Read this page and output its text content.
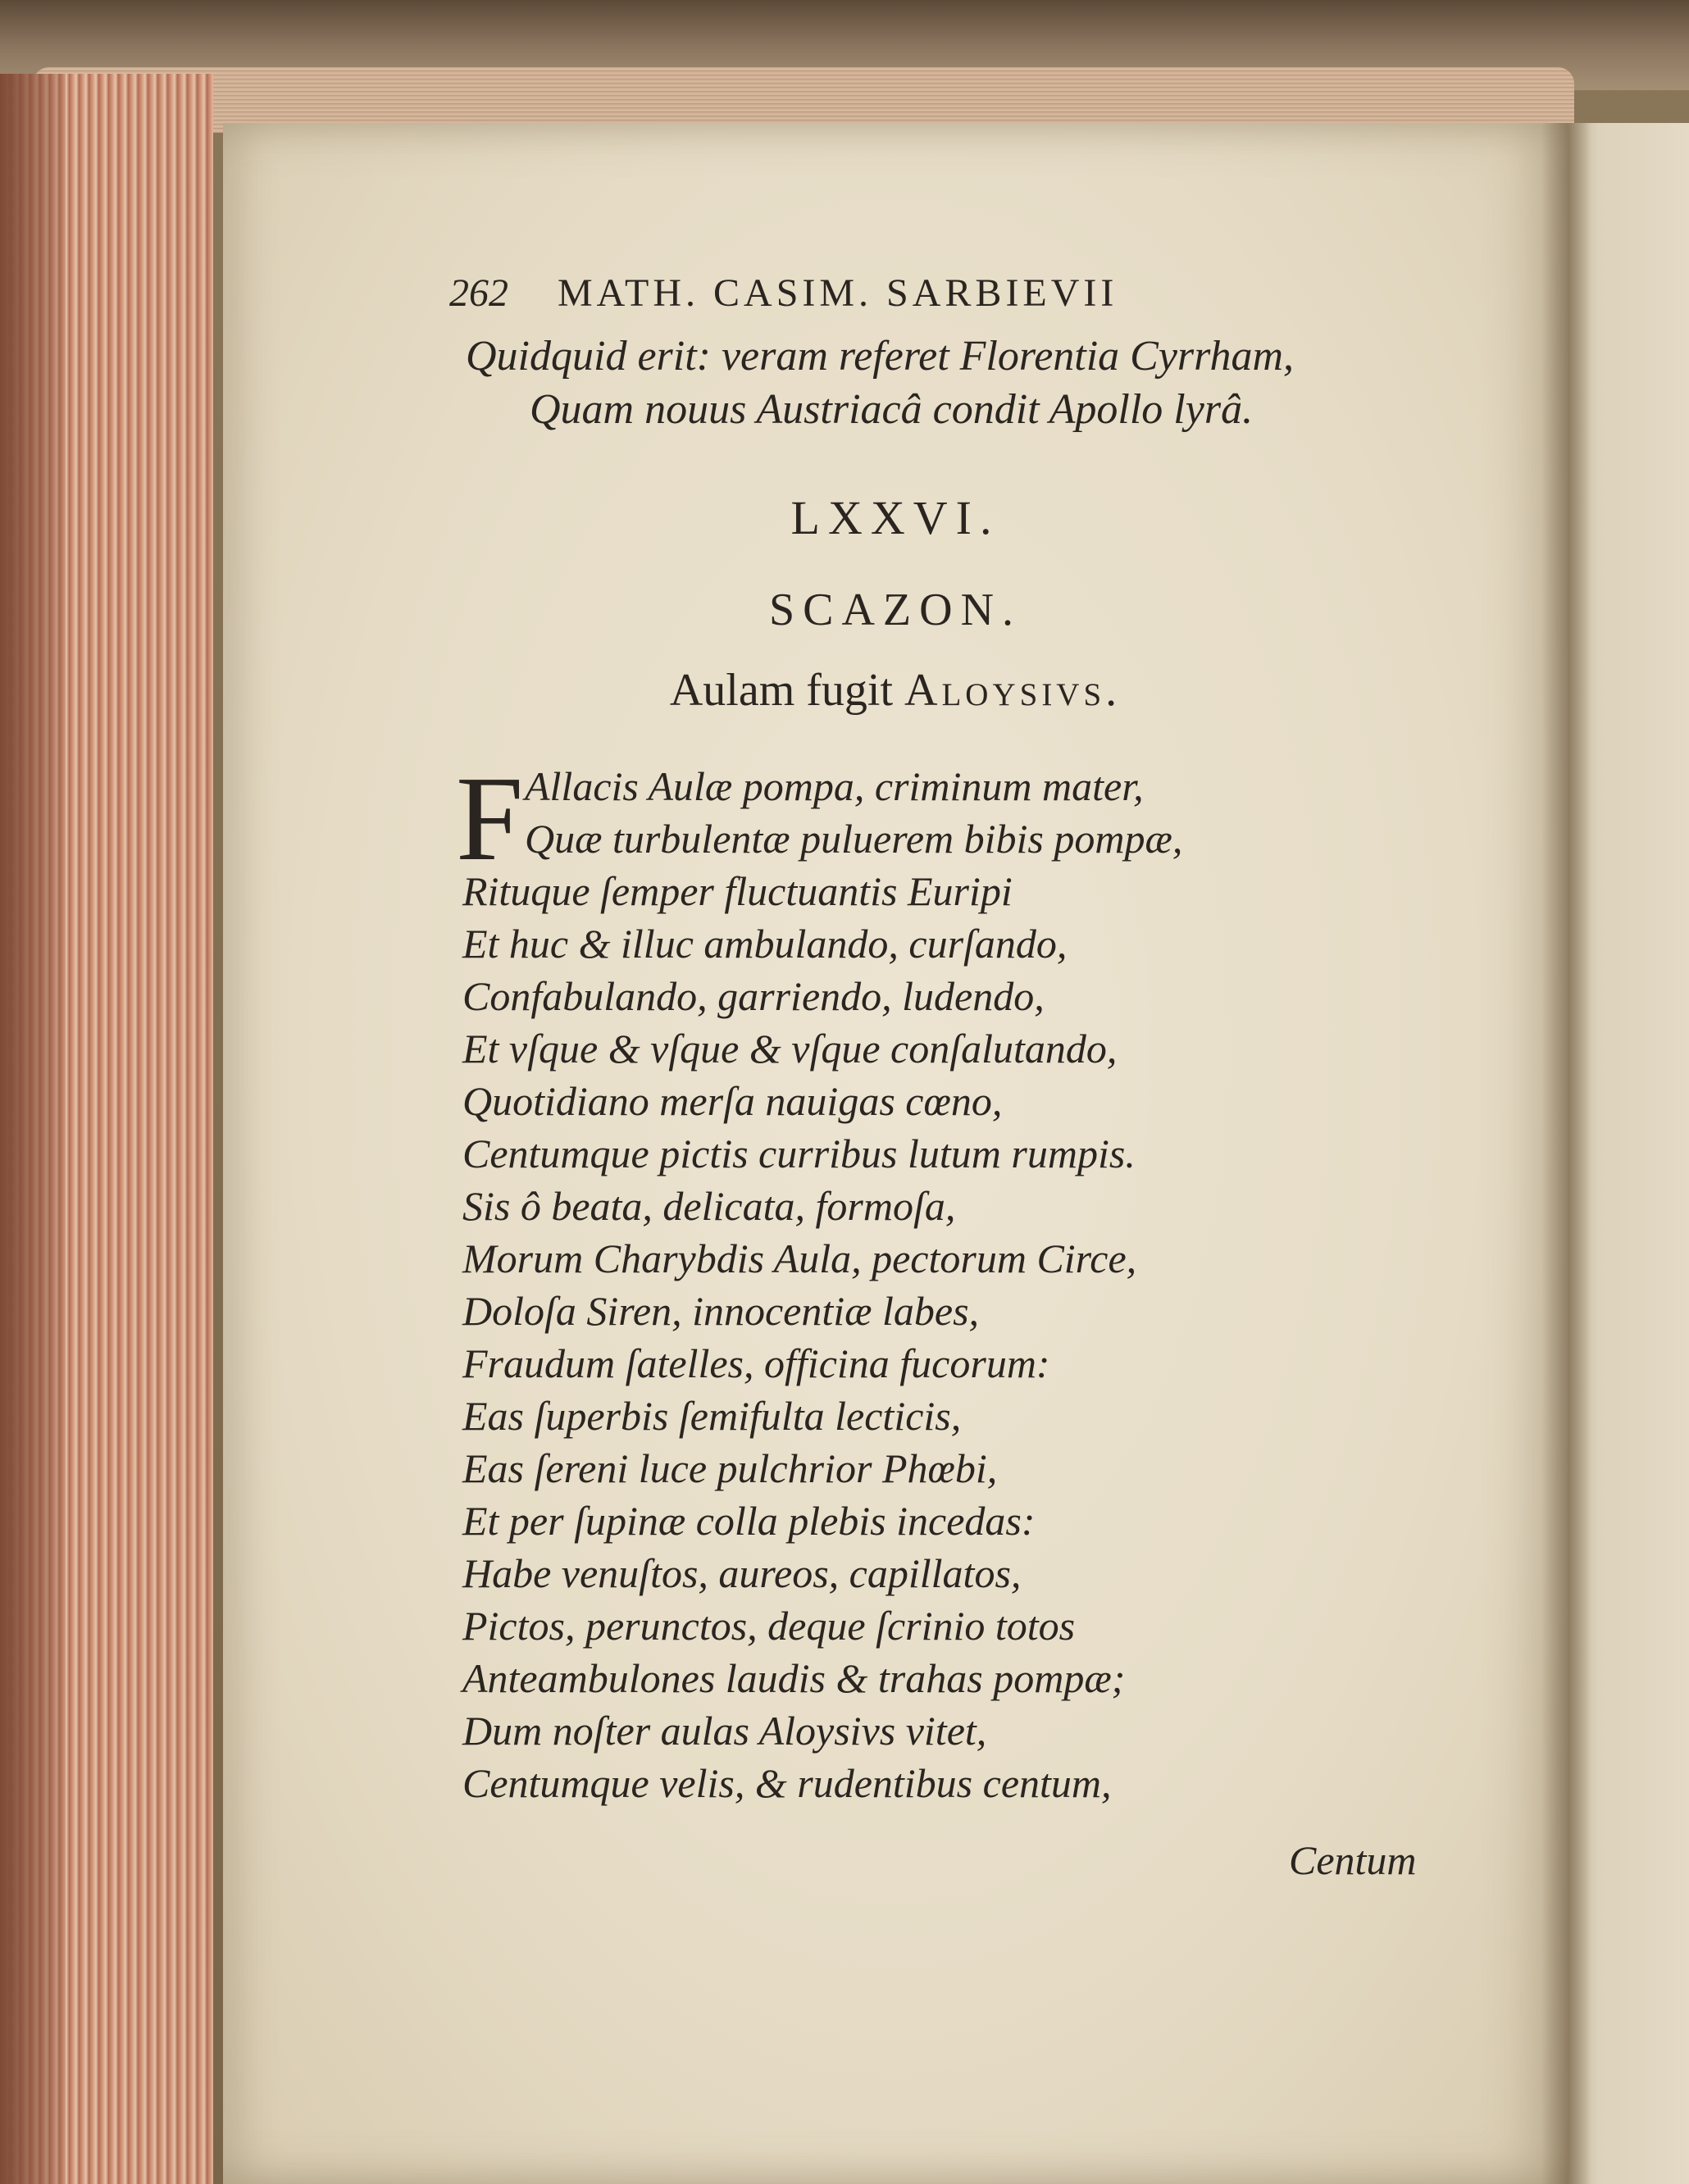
262 MATH. CASIM. SARBIEVII
Quidquid erit: veram referet Florentia Cyrrham,
Quam nouus Austriacâ condit Apollo lyrâ.
LXXVI.
SCAZON.
Aulam fugit Aloysivs.
F Allacis Aulæ pompa, criminum mater,
Quæ turbulentæ puluerem bibis pompæ,
Rituque ſemper fluctuantis Euripi
Et huc & illuc ambulando, curſando,
Confabulando, garriendo, ludendo,
Et vſque & vſque & vſque conſalutando,
Quotidiano merſa nauigas cœno,
Centumque pictis curribus lutum rumpis.
Sis ô beata, delicata, formoſa,
Morum Charybdis Aula, pectorum Circe,
Doloſa Siren, innocentiæ labes,
Fraudum ſatelles, officina fucorum:
Eas ſuperbis ſemifulta lecticis,
Eas ſereni luce pulchrior Phœbi,
Et per ſupinæ colla plebis incedas:
Habe venuſtos, aureos, capillatos,
Pictos, perunctos, deque ſcrinio totos
Anteambulones laudis & trahas pompæ;
Dum noſter aulas Aloysivs vitet,
Centumque velis, & rudentibus centum,
Centum
